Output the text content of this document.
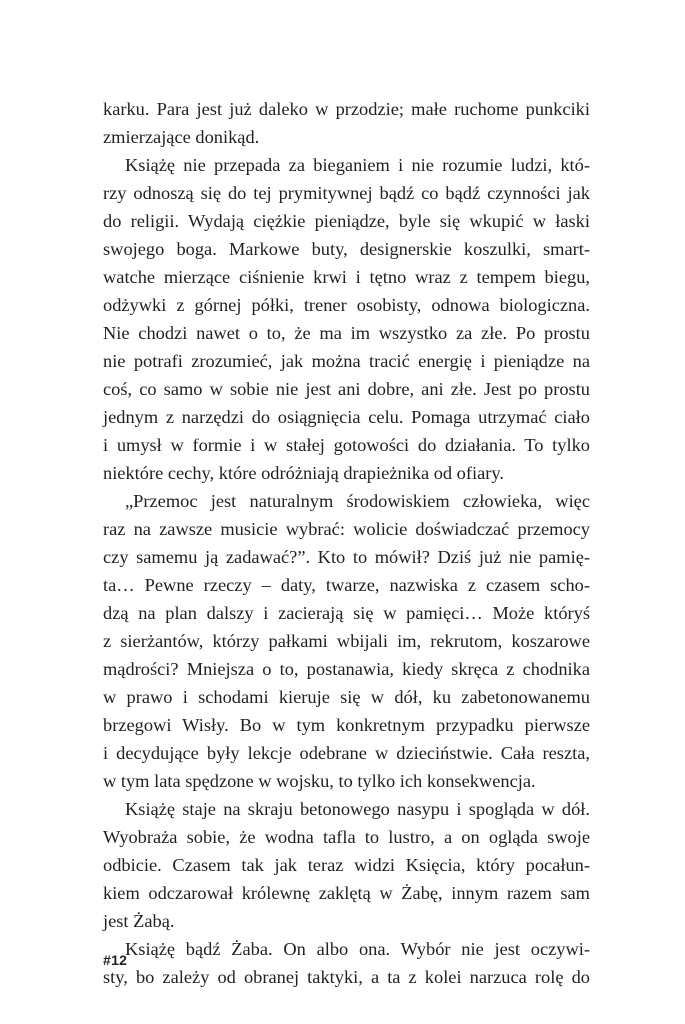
karku. Para jest już daleko w przodzie; małe ruchome punkciki
zmierzające donikąd.
Książę nie przepada za bieganiem i nie rozumie ludzi, któ-
rzy odnoszą się do tej prymitywnej bądź co bądź czynności jak
do religii. Wydają ciężkie pieniądze, byle się wkupić w łaski
swojego boga. Markowe buty, designerskie koszulki, smart-
watche mierzące ciśnienie krwi i tętno wraz z tempem biegu,
odżywki z górnej półki, trener osobisty, odnowa biologiczna.
Nie chodzi nawet o to, że ma im wszystko za złe. Po prostu
nie potrafi zrozumieć, jak można tracić energię i pieniądze na
coś, co samo w sobie nie jest ani dobre, ani złe. Jest po prostu
jednym z narzędzi do osiągnięcia celu. Pomaga utrzymać ciało
i umysł w formie i w stałej gotowości do działania. To tylko
niektóre cechy, które odróżniają drapieżnika od ofiary.
„Przemoc jest naturalnym środowiskiem człowieka, więc
raz na zawsze musicie wybrać: wolicie doświadczać przemocy
czy samemu ją zadawać?”. Kto to mówił? Dziś już nie pamię-
ta… Pewne rzeczy – daty, twarze, nazwiska z czasem scho-
dzą na plan dalszy i zacierają się w pamięci… Może któryś
z sierżantów, którzy pałkami wbijali im, rekrutom, koszarowe
mądrości? Mniejsza o to, postanawia, kiedy skręca z chodnika
w prawo i schodami kieruje się w dół, ku zabetonowanemu
brzegowi Wisły. Bo w tym konkretnym przypadku pierwsze
i decydujące były lekcje odebrane w dzieciństwie. Cała reszta,
w tym lata spędzone w wojsku, to tylko ich konsekwencja.
Książę staje na skraju betonowego nasypu i spogląda w dół.
Wyobraża sobie, że wodna tafla to lustro, a on ogląda swoje
odbicie. Czasem tak jak teraz widzi Księcia, który pocałun-
kiem odczarował królewnę zaklętą w Żabę, innym razem sam
jest Żabą.
Książę bądź Żaba. On albo ona. Wybór nie jest oczywi-
sty, bo zależy od obranej taktyki, a ta z kolei narzuca rolę do
#12
